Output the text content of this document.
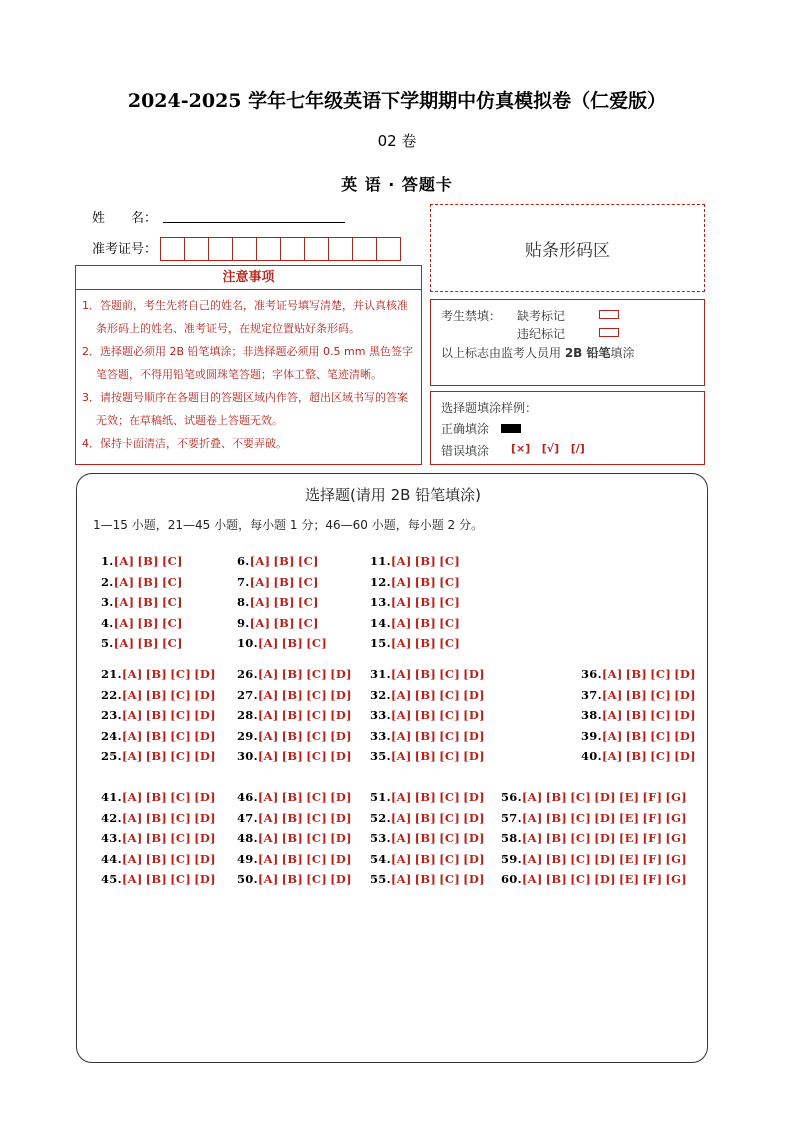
2024-2025 学年七年级英语下学期期中仿真模拟卷（仁爱版）
02 卷
英 语 · 答题卡
姓　　名：
准考证号：	贴条形码区
注意事项
1．答题前，考生先将自己的姓名，准考证号填写清楚，并认真核准条形码上的姓名、准考证号，在规定位置贴好条形码。
2．选择题必须用 2B 铅笔填涂；非选择题必须用 0.5 mm 黑色签字笔答题，不得用铅笔或圆珠笔答题；字体工整、笔迹清晰。
3．请按题号顺序在各题目的答题区域内作答，超出区域书写的答案无效；在草稿纸、试题卷上答题无效。
4．保持卡面清洁，不要折叠、不要弄破。
考生禁填： 缺考标记
违纪标记
以上标志由监考人员用 2B 铅笔填涂
选择题填涂样例：
正确填涂
错误填涂 [×] [√] [/]
选择题(请用 2B 铅笔填涂)
1—15 小题，21—45 小题，每小题 1 分；46—60 小题，每小题 2 分。
1.[A] [B] [C]
2.[A] [B] [C]
3.[A] [B] [C]
4.[A] [B] [C]
5.[A] [B] [C]
6.[A] [B] [C]
7.[A] [B] [C]
8.[A] [B] [C]
9.[A] [B] [C]
10.[A] [B] [C]
11.[A] [B] [C]
12.[A] [B] [C]
13.[A] [B] [C]
14.[A] [B] [C]
15.[A] [B] [C]
21.[A] [B] [C] [D]
22.[A] [B] [C] [D]
23.[A] [B] [C] [D]
24.[A] [B] [C] [D]
25.[A] [B] [C] [D]
26.[A] [B] [C] [D]
27.[A] [B] [C] [D]
28.[A] [B] [C] [D]
29.[A] [B] [C] [D]
30.[A] [B] [C] [D]
31.[A] [B] [C] [D]
32.[A] [B] [C] [D]
33.[A] [B] [C] [D]
33.[A] [B] [C] [D]
35.[A] [B] [C] [D]
36.[A] [B] [C] [D]
37.[A] [B] [C] [D]
38.[A] [B] [C] [D]
39.[A] [B] [C] [D]
40.[A] [B] [C] [D]
41.[A] [B] [C] [D]
42.[A] [B] [C] [D]
43.[A] [B] [C] [D]
44.[A] [B] [C] [D]
45.[A] [B] [C] [D]
46.[A] [B] [C] [D]
47.[A] [B] [C] [D]
48.[A] [B] [C] [D]
49.[A] [B] [C] [D]
50.[A] [B] [C] [D]
51.[A] [B] [C] [D]
52.[A] [B] [C] [D]
53.[A] [B] [C] [D]
54.[A] [B] [C] [D]
55.[A] [B] [C] [D]
56.[A] [B] [C] [D] [E] [F] [G]
57.[A] [B] [C] [D] [E] [F] [G]
58.[A] [B] [C] [D] [E] [F] [G]
59.[A] [B] [C] [D] [E] [F] [G]
60.[A] [B] [C] [D] [E] [F] [G]
